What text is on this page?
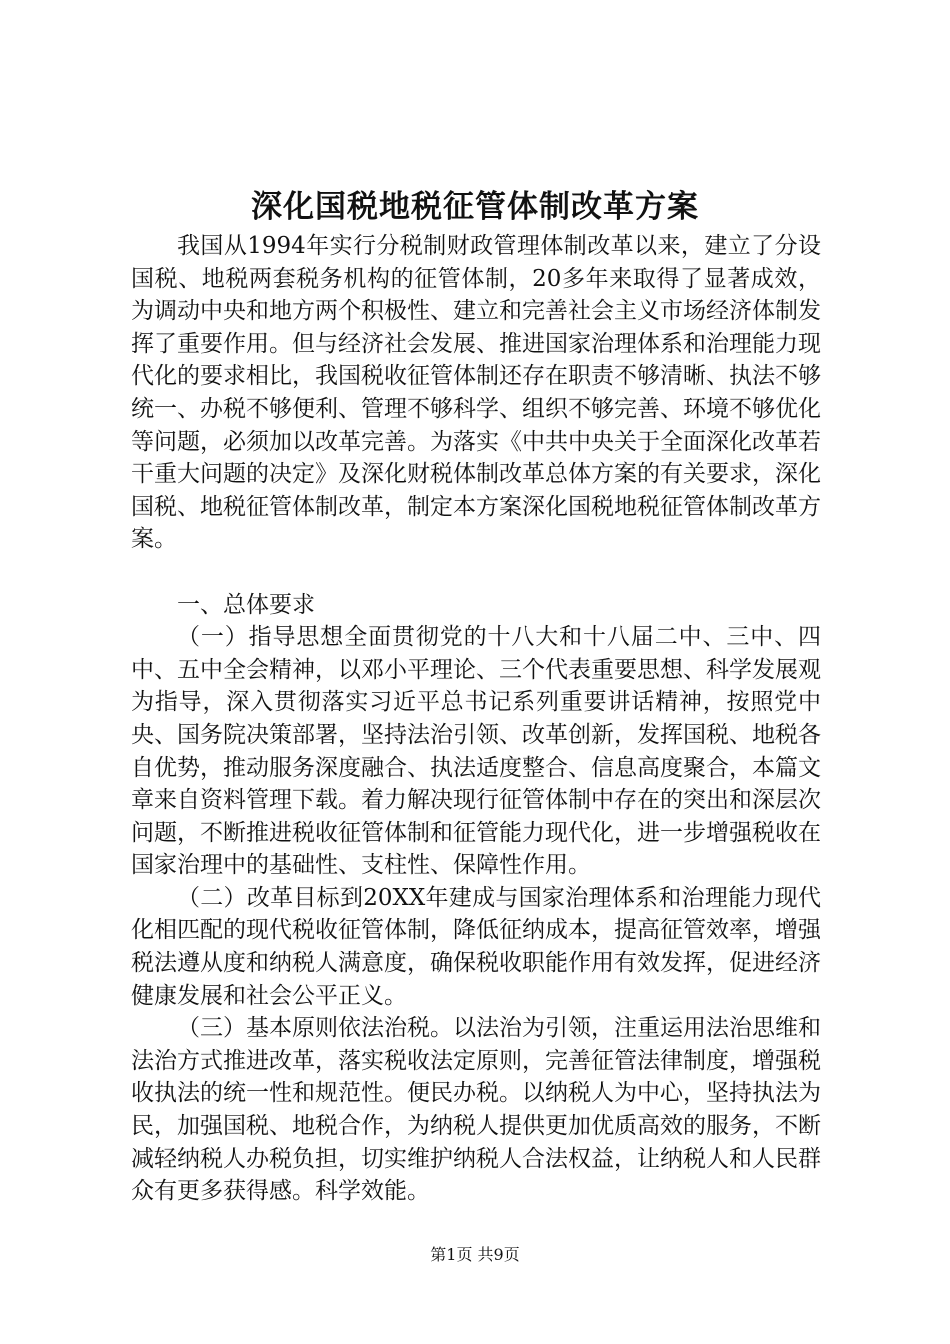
深化国税地税征管体制改革方案

我国从1994年实行分税制财政管理体制改革以来，建立了分设国税、地税两套税务机构的征管体制，20多年来取得了显著成效，为调动中央和地方两个积极性、建立和完善社会主义市场经济体制发挥了重要作用。但与经济社会发展、推进国家治理体系和治理能力现代化的要求相比，我国税收征管体制还存在职责不够清晰、执法不够统一、办税不够便利、管理不够科学、组织不够完善、环境不够优化等问题，必须加以改革完善。为落实《中共中央关于全面深化改革若干重大问题的决定》及深化财税体制改革总体方案的有关要求，深化国税、地税征管体制改革，制定本方案深化国税地税征管体制改革方案。

一、总体要求

（一）指导思想全面贯彻党的十八大和十八届二中、三中、四中、五中全会精神，以邓小平理论、三个代表重要思想、科学发展观为指导，深入贯彻落实习近平总书记系列重要讲话精神，按照党中央、国务院决策部署，坚持法治引领、改革创新，发挥国税、地税各自优势，推动服务深度融合、执法适度整合、信息高度聚合，本篇文章来自资料管理下载。着力解决现行征管体制中存在的突出和深层次问题，不断推进税收征管体制和征管能力现代化，进一步增强税收在国家治理中的基础性、支柱性、保障性作用。

（二）改革目标到20XX年建成与国家治理体系和治理能力现代化相匹配的现代税收征管体制，降低征纳成本，提高征管效率，增强税法遵从度和纳税人满意度，确保税收职能作用有效发挥，促进经济健康发展和社会公平正义。

（三）基本原则依法治税。以法治为引领，注重运用法治思维和法治方式推进改革，落实税收法定原则，完善征管法律制度，增强税收执法的统一性和规范性。便民办税。以纳税人为中心，坚持执法为民，加强国税、地税合作，为纳税人提供更加优质高效的服务，不断减轻纳税人办税负担，切实维护纳税人合法权益，让纳税人和人民群众有更多获得感。科学效能。

第1页 共9页
